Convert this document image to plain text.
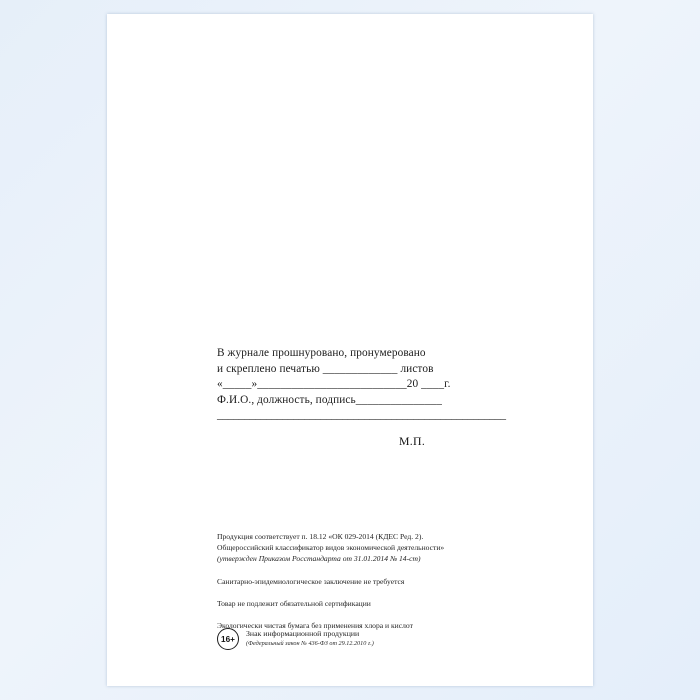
В журнале прошнуровано, пронумеровано
и скреплено печатью _____________ листов
«_____»__________________________20 ____г.
Ф.И.О., должность, подпись_______________
_____________________________________________________
М.П.
Продукция соответствует п. 18.12 «ОК 029-2014 (КДЕС Ред. 2).
Общероссийский классификатор видов экономической деятельности»
(утвержден Приказом Росстандарта от 31.01.2014 № 14-ст)
Санитарно-эпидемиологическое заключение не требуется
Товар не подлежит обязательной сертификации
Экологически чистая бумага без применения хлора и кислот
16+
Знак информационной продукции
(Федеральный закон № 436-ФЗ от 29.12.2010 г.)
